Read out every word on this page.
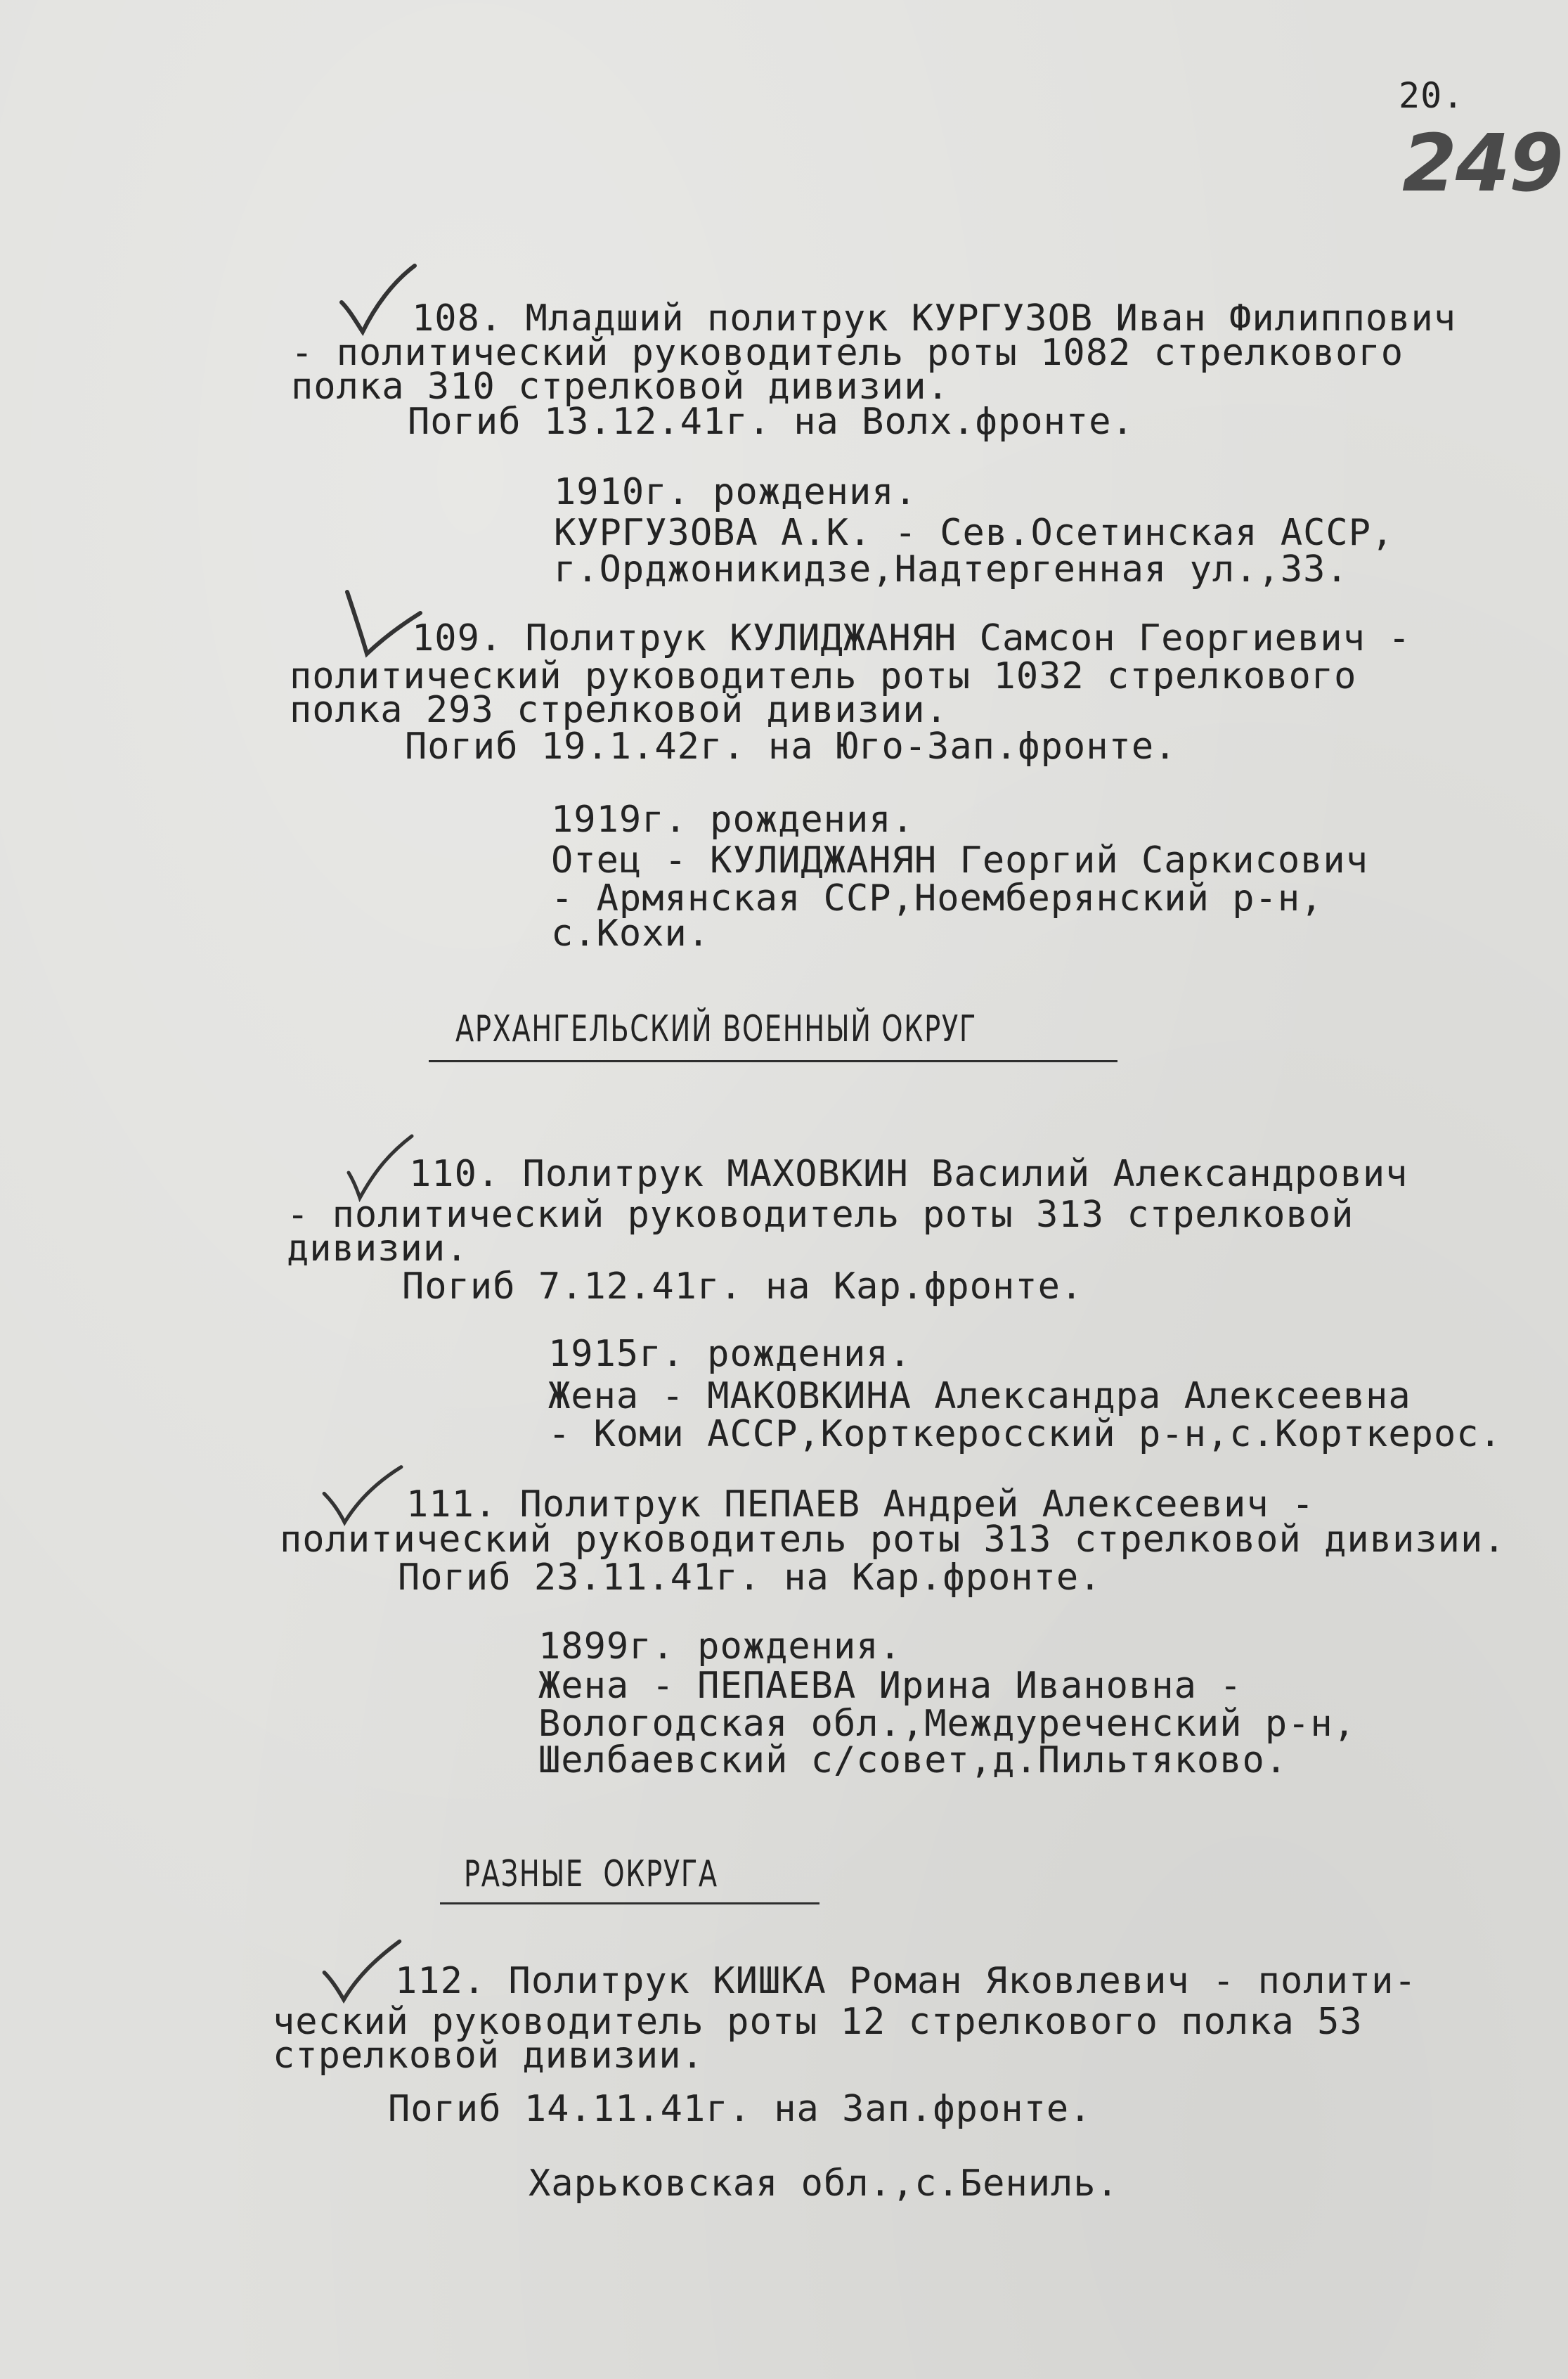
20.
249
108. Младший политрук КУРГУЗОВ Иван Филиппович
- политический руководитель роты 1082 стрелкового
полка 310 стрелковой дивизии.
Погиб 13.12.41г. на Волх.фронте.
1910г. рождения.
КУРГУЗОВА А.К. - Сев.Осетинская АССР,
г.Орджоникидзе,Надтергенная ул.,33.
109. Политрук КУЛИДЖАНЯН Самсон Георгиевич -
политический руководитель роты 1032 стрелкового
полка 293 стрелковой дивизии.
Погиб 19.1.42г. на Юго-Зап.фронте.
1919г. рождения.
Отец - КУЛИДЖАНЯН Георгий Саркисович
- Армянская ССР,Ноемберянский р-н,
с.Кохи.
АРХАНГЕЛЬСКИЙ ВОЕННЫЙ ОКРУГ
110. Политрук МАХОВКИН Василий Александрович
- политический руководитель роты 313 стрелковой
дивизии.
Погиб 7.12.41г. на Кар.фронте.
1915г. рождения.
Жена - МАКОВКИНА Александра Алексеевна
- Коми АССР,Корткеросский р-н,с.Корткерос.
111. Политрук ПЕПАЕВ Андрей Алексеевич -
политический руководитель роты 313 стрелковой дивизии.
Погиб 23.11.41г. на Кар.фронте.
1899г. рождения.
Жена - ПЕПАЕВА Ирина Ивановна -
Вологодская обл.,Междуреченский р-н,
Шелбаевский с/совет,д.Пильтяково.
РАЗНЫЕ  ОКРУГА
112. Политрук КИШКА Роман Яковлевич - полити-
ческий руководитель роты 12 стрелкового полка 53
стрелковой дивизии.
Погиб 14.11.41г. на Зап.фронте.
Харьковская обл.,с.Бениль.
